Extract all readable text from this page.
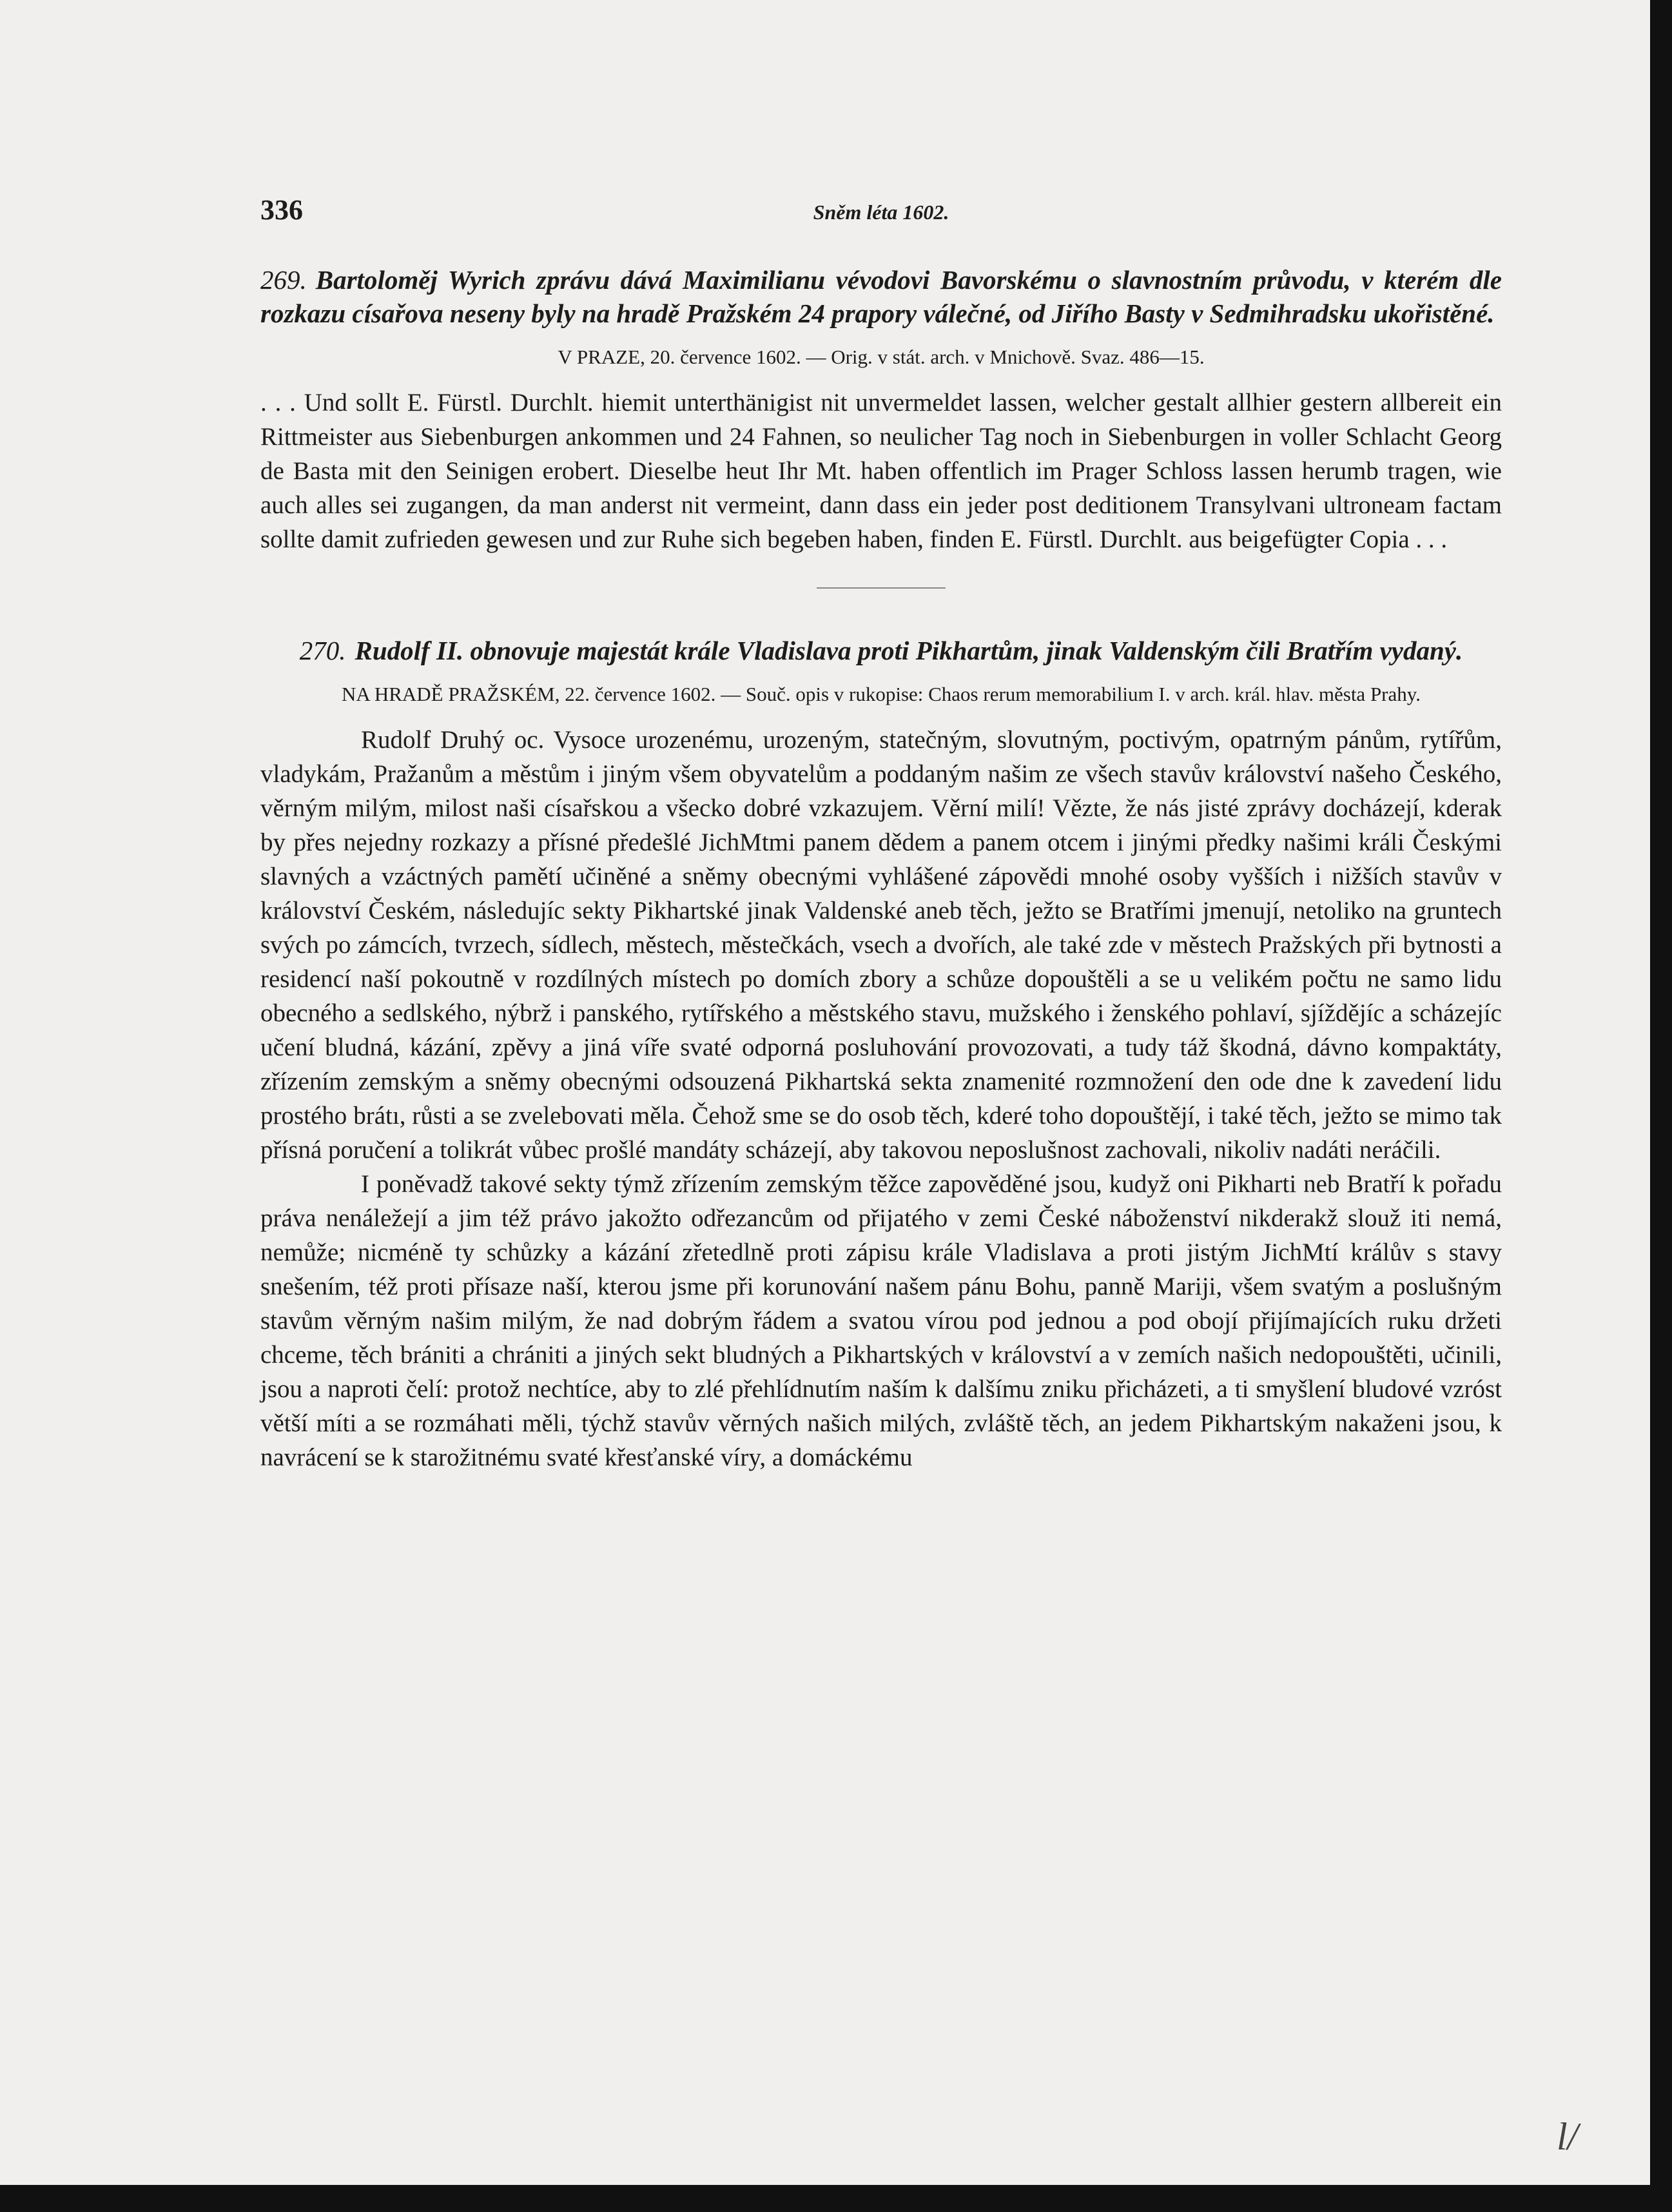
336	Sněm léta 1602.

269. Bartoloměj Wyrich zprávu dává Maximilianu vévodovi Bavorskému o slavnostním průvodu, v kterém dle rozkazu císařova neseny byly na hradě Pražském 24 prapory válečné, od Jiřího Basty v Sedmihradsku ukořistěné.

V PRAZE, 20. července 1602. — Orig. v stát. arch. v Mnichově. Svaz. 486—15.

. . . Und sollt E. Fürstl. Durchlt. hiemit unterthänigist nit unvermeldet lassen, welcher gestalt allhier gestern allbereit ein Rittmeister aus Siebenburgen ankommen und 24 Fahnen, so neulicher Tag noch in Siebenburgen in voller Schlacht Georg de Basta mit den Seinigen erobert. Dieselbe heut Ihr Mt. haben offentlich im Prager Schloss lassen herumb tragen, wie auch alles sei zugangen, da man anderst nit vermeint, dann dass ein jeder post deditionem Transylvani ultroneam factam sollte damit zufrieden gewesen und zur Ruhe sich begeben haben, finden E. Fürstl. Durchlt. aus beigefügter Copia . . .

270. Rudolf II. obnovuje majestát krále Vladislava proti Pikhartům, jinak Valdenským čili Bratřím vydaný.

NA HRADĚ PRAŽSKÉM, 22. července 1602. — Souč. opis v rukopise: Chaos rerum memorabilium I. v arch. král. hlav. města Prahy.

Rudolf Druhý oc. Vysoce urozenému, urozeným, statečným, slovutným, poctivým, opatrným pánům, rytířům, vladykám, Pražanům a městům i jiným všem obyvatelům a poddaným našim ze všech stavův království našeho Českého, věrným milým, milost naši císařskou a všecko dobré vzkazujem. Věrní milí! Vězte, že nás jisté zprávy docházejí, kderak by přes nejedny rozkazy a přísné předešlé JichMtmi panem dědem a panem otcem i jinými předky našimi králi Českými slavných a vzáctných pamětí učiněné a sněmy obecnými vyhlášené zápovědi mnohé osoby vyšších i nižších stavův v království Českém, následujíc sekty Pikhartské jinak Valdenské aneb těch, ježto se Bratřími jmenují, netoliko na gruntech svých po zámcích, tvrzech, sídlech, městech, městečkách, vsech a dvořích, ale také zde v městech Pražských při bytnosti a residencí naší pokoutně v rozdílných místech po domích zbory a schůze dopouštěli a se u velikém počtu ne samo lidu obecného a sedlského, nýbrž i panského, rytířského a městského stavu, mužského i ženského pohlaví, sjíždějíc a scházejíc učení bludná, kázání, zpěvy a jiná víře svaté odporná posluhování provozovati, a tudy táž škodná, dávno kompaktáty, zřízením zemským a sněmy obecnými odsouzená Pikhartská sekta znamenité rozmnožení den ode dne k zavedení lidu prostého brátı, růsti a se zvelebovati měla. Čehož sme se do osob těch, kderé toho dopouštějí, i také těch, ježto se mimo tak přísná poručení a tolikrát vůbec prošlé mandáty scházejí, aby takovou neposlušnost zachovali, nikoliv nadáti neráčili.

I poněvadž takové sekty týmž zřízením zemským těžce zapověděné jsou, kudyž oni Pikharti neb Bratří k pořadu práva nenáležejí a jim též právo jakožto odřezancům od přijatého v zemi České náboženství nikderakž slouž iti nemá, nemůže; nicméně ty schůzky a kázání zřetedlně proti zápisu krále Vladislava a proti jistým JichMtí králův s stavy snešením, též proti přísaze naší, kterou jsme při korunování našem pánu Bohu, panně Mariji, všem svatým a poslušným stavům věrným našim milým, že nad dobrým řádem a svatou vírou pod jednou a pod obojí přijímajících ruku držeti chceme, těch brániti a chrániti a jiných sekt bludných a Pikhartských v království a v zemích našich nedopouštěti, učinili, jsou a naproti čelí: protož nechtíce, aby to zlé přehlídnutím naším k dalšímu zniku přicházeti, a ti smyšlení bludové vzróst větší míti a se rozmáhati měli, týchž stavův věrných našich milých, zvláště těch, an jedem Pikhartským nakaženi jsou, k navrácení se k starožitnému svaté křesťanské víry, a domáckému

l/
